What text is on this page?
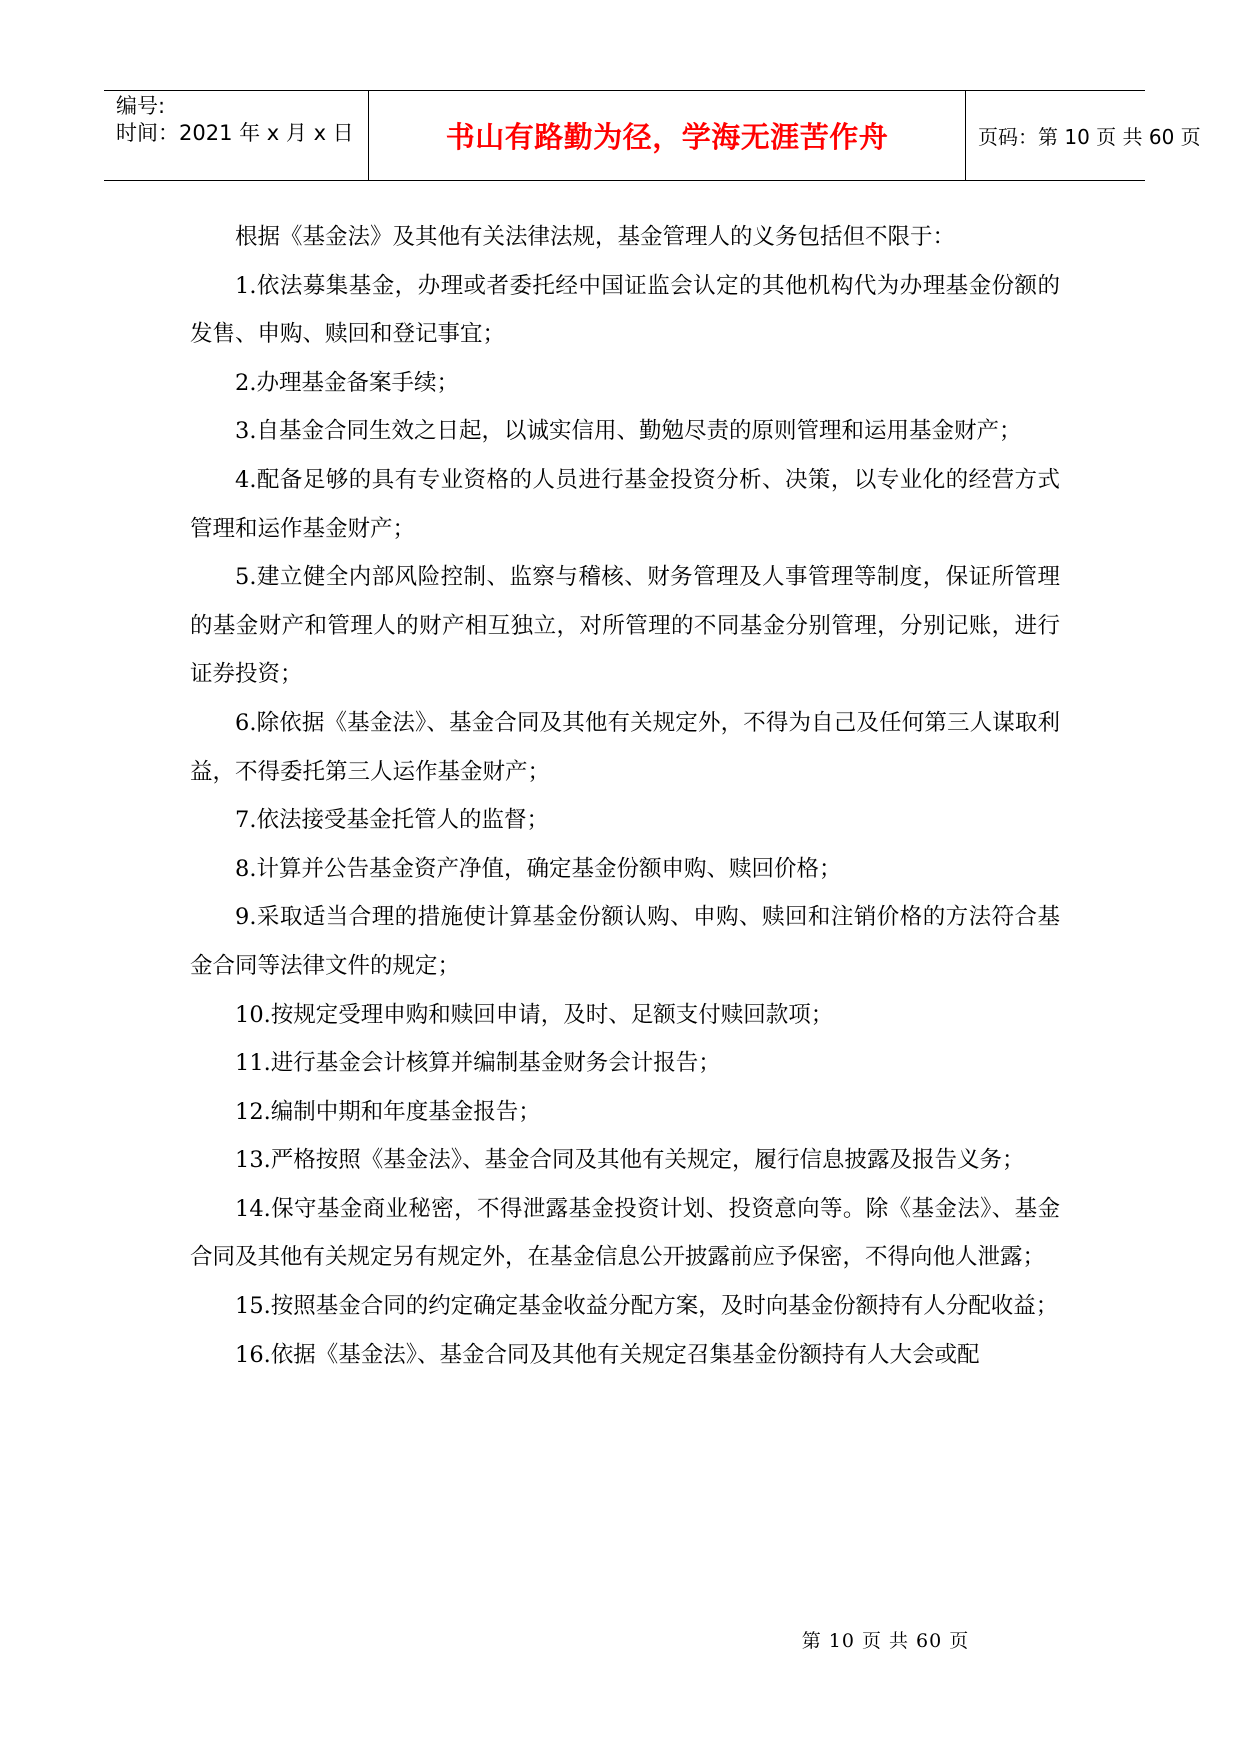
编号:
时间：2021 年 x 月 x 日	书山有路勤为径，学海无涯苦作舟	页码：第 10 页 共 60 页

根据《基金法》及其他有关法律法规，基金管理人的义务包括但不限于：

1.依法募集基金，办理或者委托经中国证监会认定的其他机构代为办理基金份额的发售、申购、赎回和登记事宜；

2.办理基金备案手续；

3.自基金合同生效之日起，以诚实信用、勤勉尽责的原则管理和运用基金财产；

4.配备足够的具有专业资格的人员进行基金投资分析、决策，以专业化的经营方式管理和运作基金财产；

5.建立健全内部风险控制、监察与稽核、财务管理及人事管理等制度，保证所管理的基金财产和管理人的财产相互独立，对所管理的不同基金分别管理，分别记账，进行证券投资；

6.除依据《基金法》、基金合同及其他有关规定外，不得为自己及任何第三人谋取利益，不得委托第三人运作基金财产；

7.依法接受基金托管人的监督；

8.计算并公告基金资产净值，确定基金份额申购、赎回价格；

9.采取适当合理的措施使计算基金份额认购、申购、赎回和注销价格的方法符合基金合同等法律文件的规定；

10.按规定受理申购和赎回申请，及时、足额支付赎回款项；

11.进行基金会计核算并编制基金财务会计报告；

12.编制中期和年度基金报告；

13.严格按照《基金法》、基金合同及其他有关规定，履行信息披露及报告义务；

14.保守基金商业秘密，不得泄露基金投资计划、投资意向等。除《基金法》、基金合同及其他有关规定另有规定外，在基金信息公开披露前应予保密，不得向他人泄露；

15.按照基金合同的约定确定基金收益分配方案，及时向基金份额持有人分配收益；

16.依据《基金法》、基金合同及其他有关规定召集基金份额持有人大会或配

第 10 页 共 60 页
